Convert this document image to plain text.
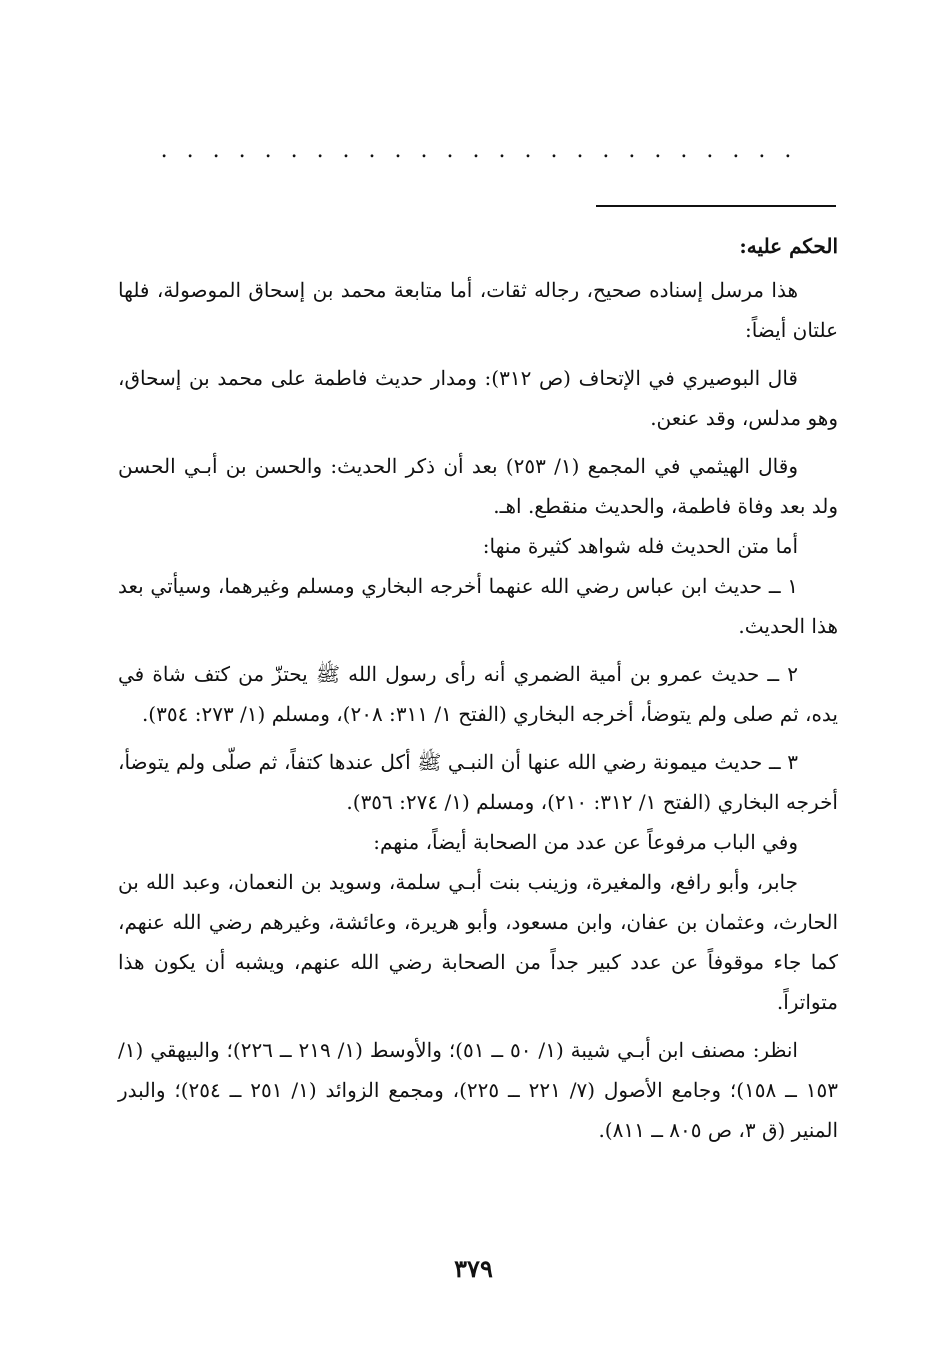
. . . . . . . . . . . . . . . . . . . . . . . . .

الحكم عليه:

هذا مرسل إسناده صحيح، رجاله ثقات، أما متابعة محمد بن إسحاق الموصولة، فلها علتان أيضاً:

قال البوصيري في الإتحاف (ص ٣١٢): ومدار حديث فاطمة على محمد بن إسحاق، وهو مدلس، وقد عنعن.

وقال الهيثمي في المجمع (١/ ٢٥٣) بعد أن ذكر الحديث: والحسن بن أبـي الحسن ولد بعد وفاة فاطمة، والحديث منقطع. اهـ.

أما متن الحديث فله شواهد كثيرة منها:

١ ــ حديث ابن عباس رضي الله عنهما أخرجه البخاري ومسلم وغيرهما، وسيأتي بعد هذا الحديث.

٢ ــ حديث عمرو بن أمية الضمري أنه رأى رسول الله ﷺ يحتزّ من كتف شاة في يده، ثم صلى ولم يتوضأ، أخرجه البخاري (الفتح ١/ ٣١١: ٢٠٨)، ومسلم (١/ ٢٧٣: ٣٥٤).

٣ ــ حديث ميمونة رضي الله عنها أن النبـي ﷺ أكل عندها كتفاً، ثم صلّى ولم يتوضأ، أخرجه البخاري (الفتح ١/ ٣١٢: ٢١٠)، ومسلم (١/ ٢٧٤: ٣٥٦).

وفي الباب مرفوعاً عن عدد من الصحابة أيضاً، منهم:

جابر، وأبو رافع، والمغيرة، وزينب بنت أبـي سلمة، وسويد بن النعمان، وعبد الله بن الحارث، وعثمان بن عفان، وابن مسعود، وأبو هريرة، وعائشة، وغيرهم رضي الله عنهم، كما جاء موقوفاً عن عدد كبير جداً من الصحابة رضي الله عنهم، ويشبه أن يكون هذا متواتراً.

انظر: مصنف ابن أبـي شيبة (١/ ٥٠ ــ ٥١)؛ والأوسط (١/ ٢١٩ ــ ٢٢٦)؛ والبيهقي (١/ ١٥٣ ــ ١٥٨)؛ وجامع الأصول (٧/ ٢٢١ ــ ٢٢٥)، ومجمع الزوائد (١/ ٢٥١ ــ ٢٥٤)؛ والبدر المنير (ق ٣، ص ٨٠٥ ــ ٨١١).

٣٧٩
